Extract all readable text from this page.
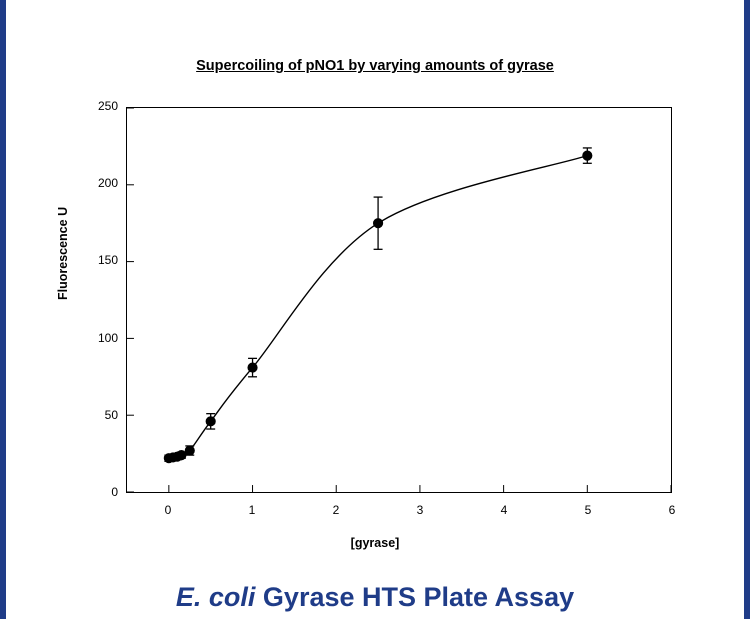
Supercoiling of pNO1 by varying amounts of gyrase
Fluorescence U
0
50
100
150
200
250
0	1	2	3	4	5	6
[gyrase]
E. coli Gyrase HTS Plate Assay
